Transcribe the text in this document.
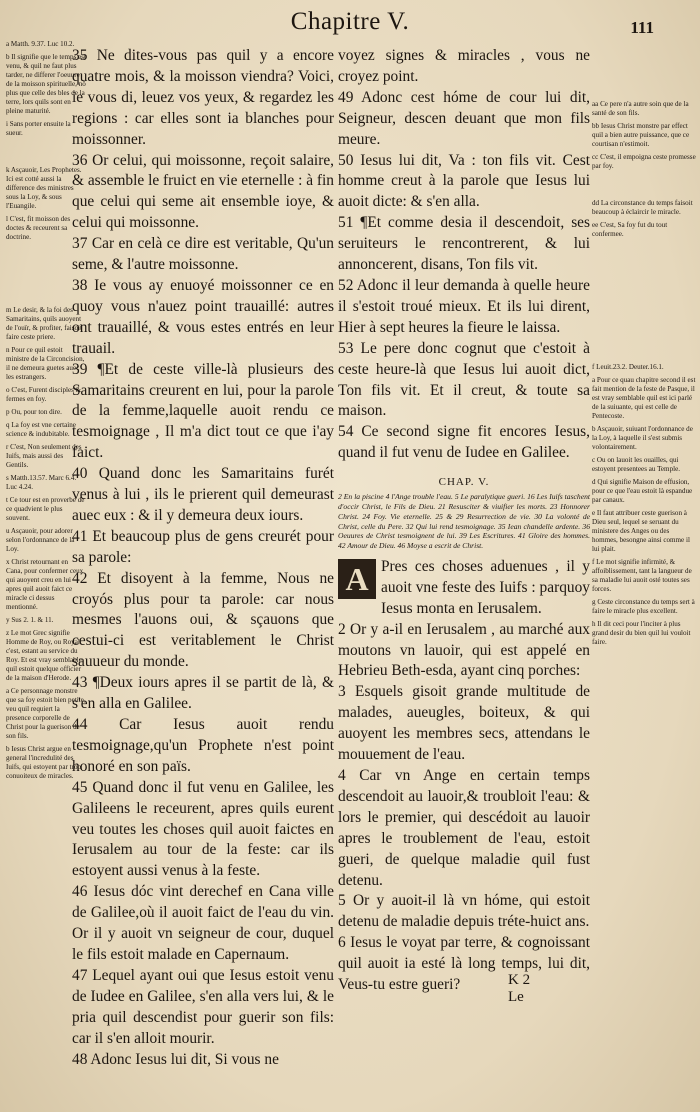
Chapitre V.	111

a Matth. 9.37. Luc 10.2.

b Il signifie que le temps est venu, & quil ne faut plus tarder, ne differer l'oeuure de la moisson spirituelle, nõ plus que celle des bles de la terre, lors quils sont en pleine maturité.

i Sans porter ensuite la sueur.

k Asçauoir, Les Prophetes. Ici est cotté aussi la difference des ministres sous la Loy, & sous l'Euangile.

l C'est, fit moisson des doctes & receurent sa doctrine.

m Le desir, & la foi des Samaritains, quils auoyent de l'ouïr, & profiter, faisoit faire ceste priere.

n Pour ce quil estoit ministre de la Circoncision, il ne demeura guetes auec les estrangers.

o C'est, Furent disciples & fermes en foy.

p Ou, pour ton dire.

q La foy est vne certaine science & indubitable.

r C'est, Non seulement des Iuifs, mais aussi des Gentils.

s Matth.13.57. Marc 6.4. Luc 4.24.

t Ce tour est en proverbe de ce quadvient le plus souvent.

u Asçauoir, pour adorer selon l'ordonnance de la Loy.

x Christ retournant en Cana, pour confermer ceux qui auoyent creu en lui apres quil auoit faict ce miracle ci dessus mentionné.

y Sus 2. 1. & 11.

z Le mot Grec signifie Homme de Roy, ou Royal: c'est, estant au service du Roy. Et est vray semblable quil estoit quelque officier de la maison d'Herode.

a Ce personnage monstre que sa foy estoit bien petite, veu quil requiert la presence corporelle de Christ pour la guerison de son fils.

b Iesus Christ argue en general l'incredulité des Iuifs, qui estoyent par trop conuoiteux de miracles.

35 Ne dites-vous pas quil y a encore quatre mois, & la moisson viendra? Voici, ie vous di, leuez vos yeux, & regardez les regions : car elles sont ia blanches pour moissonner.

36 Or celui, qui moissonne, reçoit salaire, & assemble le fruict en vie eternelle : à fin que celui qui seme ait ensemble ioye, & celui qui moissonne.

37 Car en celà ce dire est veritable, Qu'un seme, & l'autre moissonne.

38 Ie vous ay enuoyé moissonner ce en quoy vous n'auez point trauaillé: autres ont trauaillé, & vous estes entrés en leur trauail.

39 ¶Et de ceste ville-là plusieurs des Samaritains creurent en lui, pour la parole de la femme,laquelle auoit rendu ce tesmoignage , Il m'a dict tout ce que i'ay faict.

40 Quand donc les Samaritains furét venus à lui , ils le prierent quil demeurast auec eux : & il y demeura deux iours.

41 Et beaucoup plus de gens creurét pour sa parole:

42 Et disoyent à la femme, Nous ne croyós plus pour ta parole: car nous mesmes l'auons oui, & sçauons que cestui-ci est veritablement le Christ sauueur du monde.

43 ¶Deux iours apres il se partit de là, & s'en alla en Galilee.

44 Car Iesus auoit rendu tesmoignage,qu'un Prophete n'est point honoré en son païs.

45 Quand donc il fut venu en Galilee, les Galileens le receurent, apres quils eurent veu toutes les choses quil auoit faictes en Ierusalem au tour de la feste: car ils estoyent aussi venus à la feste.

46 Iesus dóc vint derechef en Cana ville de Galilee,où il auoit faict de l'eau du vin. Or il y auoit vn seigneur de cour, duquel le fils estoit malade en Capernaum.

47 Lequel ayant oui que Iesus estoit venu de Iudee en Galilee, s'en alla vers lui, & le pria quil descendist pour guerir son fils: car il s'en alloit mourir.

48 Adonc Iesus lui dit, Si vous ne

voyez signes & miracles , vous ne croyez point.

49 Adonc cest hóme de cour lui dit, Seigneur, descen deuant que mon fils meure.

50 Iesus lui dit, Va : ton fils vit. Cest homme creut à la parole que Iesus lui auoit dicte: & s'en alla.

51 ¶Et comme desia il descendoit, ses seruiteurs le rencontrerent, & lui annoncerent, disans, Ton fils vit.

52 Adonc il leur demanda à quelle heure il s'estoit troué mieux. Et ils lui dirent, Hier à sept heures la fieure le laissa.

53 Le pere donc cognut que c'estoit à ceste heure-là que Iesus lui auoit dict, Ton fils vit. Et il creut, & toute sa maison.

54 Ce second signe fit encores Iesus, quand il fut venu de Iudee en Galilee.

CHAP. V.

2 En la piscine 4 l'Ange trouble l'eau. 5 Le paralytique gueri. 16 Les Iuifs taschent d'occir Christ, le Fils de Dieu. 21 Resusciter & viuifier les morts. 23 Honnorer Christ. 24 Foy. Vie eternelle. 25 & 29 Resurrection de vie. 30 La volonté de Christ, celle du Pere. 32 Qui lui rend tesmoignage. 35 Iean chandelle ardente. 36 Oeuures de Christ tesmoignent de lui. 39 Les Escritures. 41 Gloire des hommes. 42 Amour de Dieu. 46 Moyse a escrit de Christ.

A Pres ces choses aduenues , il y auoit vne feste des Iuifs : parquoy Iesus monta en Ierusalem.

2 Or y a-il en Ierusalem , au marché aux moutons vn lauoir, qui est appelé en Hebrieu Beth-esda, ayant cinq porches:

3 Esquels gisoit grande multitude de malades, aueugles, boiteux, & qui auoyent les membres secs, attendans le mouuement de l'eau.

4 Car vn Ange en certain temps descendoit au lauoir,& troubloit l'eau: & lors le premier, qui descédoit au lauoir apres le troublement de l'eau, estoit gueri, de quelque maladie quil fust detenu.

5 Or y auoit-il là vn hóme, qui estoit detenu de maladie depuis tréte-huict ans.

6 Iesus le voyat par terre, & cognoissant quil auoit ia esté là long temps, lui dit, Veus-tu estre gueri?

aa Ce pere n'a autre soin que de la santé de son fils.

bb Iesus Christ monstre par effect quil a bien autre puissance, que ce courtisan n'estimoit.

cc C'est, il empoigna ceste promesse par foy.

dd La circonstance du temps faisoit beaucoup à éclaircir le miracle.

ee C'est, Sa foy fut du tout confermee.

f Leuit.23.2. Deuter.16.1.

a Pour ce quau chapitre second il est fait mention de la feste de Pasque, il est vray semblable quil est ici parlé de la suiuante, qui est celle de Pentecoste.

b Asçauoir, suiuant l'ordonnance de la Loy, à laquelle il s'est submis volontairement.

c Ou on lauoit les ouailles, qui estoyent presentees au Temple.

d Qui signifie Maison de effusion, pour ce que l'eau estoit là espandue par canaux.

e Il faut attribuer ceste guerison à Dieu seul, lequel se seruant du ministere des Anges ou des hommes, besongne ainsi comme il lui plait.

f Le mot signifie infirmité, & affoiblissement, tant la langueur de sa maladie lui auoit osté toutes ses forces.

g Ceste circonstance du temps sert à faire le miracle plus excellent.

h Il dit ceci pour l'inciter à plus grand desir du bien quil lui vouloit faire.

K 2 Le
